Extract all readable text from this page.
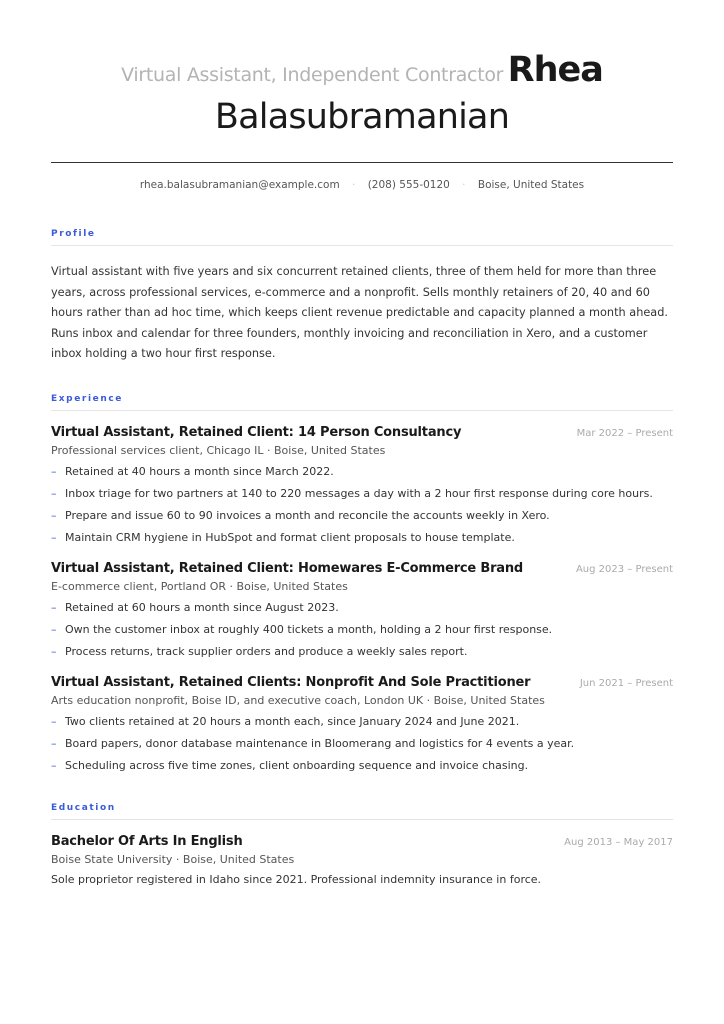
Virtual Assistant, Independent Contractor Rhea
Balasubramanian
rhea.balasubramanian@example.com · (208) 555-0120 · Boise, United States
Profile

Virtual assistant with five years and six concurrent retained clients, three of them held for more than three years, across professional services, e-commerce and a nonprofit. Sells monthly retainers of 20, 40 and 60 hours rather than ad hoc time, which keeps client revenue predictable and capacity planned a month ahead. Runs inbox and calendar for three founders, monthly invoicing and reconciliation in Xero, and a customer inbox holding a two hour first response.

Experience
Virtual Assistant, Retained Client: 14 Person Consultancy	Mar 2022 – Present
Professional services client, Chicago IL · Boise, United States
– Retained at 40 hours a month since March 2022.
– Inbox triage for two partners at 140 to 220 messages a day with a 2 hour first response during core hours.
– Prepare and issue 60 to 90 invoices a month and reconcile the accounts weekly in Xero.
– Maintain CRM hygiene in HubSpot and format client proposals to house template.
Virtual Assistant, Retained Client: Homewares E-Commerce Brand	Aug 2023 – Present
E-commerce client, Portland OR · Boise, United States
– Retained at 60 hours a month since August 2023.
– Own the customer inbox at roughly 400 tickets a month, holding a 2 hour first response.
– Process returns, track supplier orders and produce a weekly sales report.
Virtual Assistant, Retained Clients: Nonprofit And Sole Practitioner	Jun 2021 – Present
Arts education nonprofit, Boise ID, and executive coach, London UK · Boise, United States
– Two clients retained at 20 hours a month each, since January 2024 and June 2021.
– Board papers, donor database maintenance in Bloomerang and logistics for 4 events a year.
– Scheduling across five time zones, client onboarding sequence and invoice chasing.
Education
Bachelor Of Arts In English	Aug 2013 – May 2017
Boise State University · Boise, United States
Sole proprietor registered in Idaho since 2021. Professional indemnity insurance in force.
